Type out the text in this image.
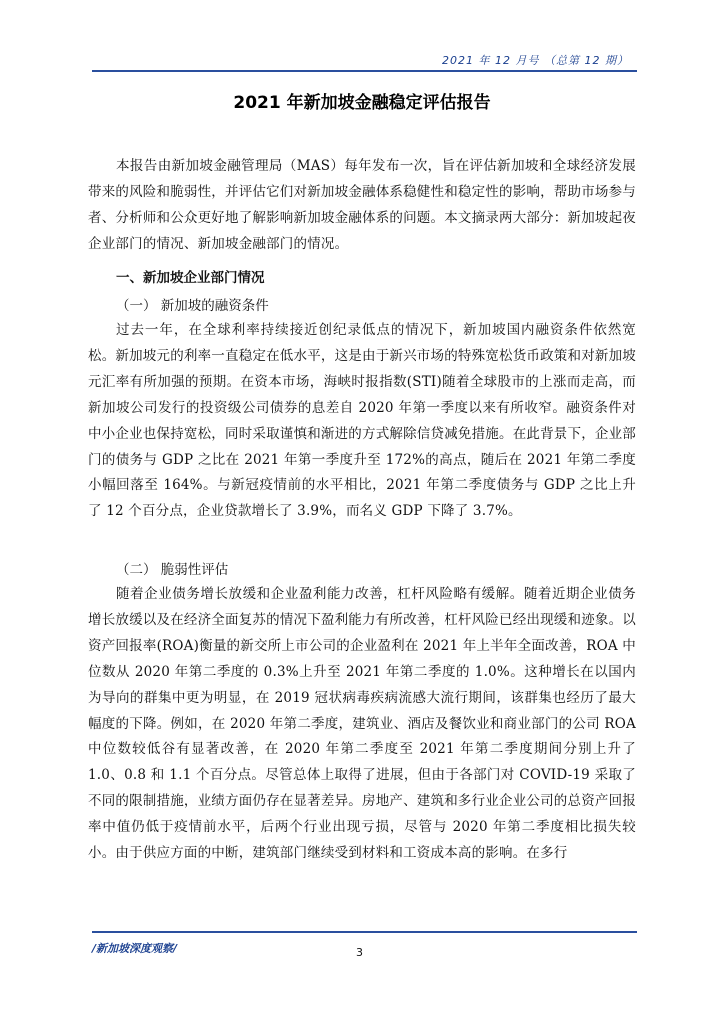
2021 年 12 月号 （总第 12 期）
2021 年新加坡金融稳定评估报告

本报告由新加坡金融管理局（MAS）每年发布一次，旨在评估新加坡和全球经济发展带来的风险和脆弱性，并评估它们对新加坡金融体系稳健性和稳定性的影响，帮助市场参与者、分析师和公众更好地了解影响新加坡金融体系的问题。本文摘录两大部分：新加坡起夜企业部门的情况、新加坡金融部门的情况。

一、新加坡企业部门情况
（一） 新加坡的融资条件

过去一年，在全球利率持续接近创纪录低点的情况下，新加坡国内融资条件依然宽松。新加坡元的利率一直稳定在低水平，这是由于新兴市场的特殊宽松货币政策和对新加坡元汇率有所加强的预期。在资本市场，海峡时报指数(STI)随着全球股市的上涨而走高，而新加坡公司发行的投资级公司债券的息差自 2020 年第一季度以来有所收窄。融资条件对中小企业也保持宽松，同时采取谨慎和渐进的方式解除信贷减免措施。在此背景下，企业部门的债务与 GDP 之比在 2021 年第一季度升至 172%的高点，随后在 2021 年第二季度小幅回落至 164%。与新冠疫情前的水平相比，2021 年第二季度债务与 GDP 之比上升了 12 个百分点，企业贷款增长了 3.9%，而名义 GDP 下降了 3.7%。

（二） 脆弱性评估

随着企业债务增长放缓和企业盈利能力改善，杠杆风险略有缓解。随着近期企业债务增长放缓以及在经济全面复苏的情况下盈利能力有所改善，杠杆风险已经出现缓和迹象。以资产回报率(ROA)衡量的新交所上市公司的企业盈利在 2021 年上半年全面改善，ROA 中位数从 2020 年第二季度的 0.3%上升至 2021 年第二季度的 1.0%。这种增长在以国内为导向的群集中更为明显，在 2019 冠状病毒疾病流感大流行期间，该群集也经历了最大幅度的下降。例如，在 2020 年第二季度，建筑业、酒店及餐饮业和商业部门的公司 ROA 中位数较低谷有显著改善，在 2020 年第二季度至 2021 年第二季度期间分别上升了 1.0、0.8 和 1.1 个百分点。尽管总体上取得了进展，但由于各部门对 COVID-19 采取了不同的限制措施，业绩方面仍存在显著差异。房地产、建筑和多行业企业公司的总资产回报率中值仍低于疫情前水平，后两个行业出现亏损，尽管与 2020 年第二季度相比损失较小。由于供应方面的中断，建筑部门继续受到材料和工资成本高的影响。在多行

/新加坡深度观察/	3
